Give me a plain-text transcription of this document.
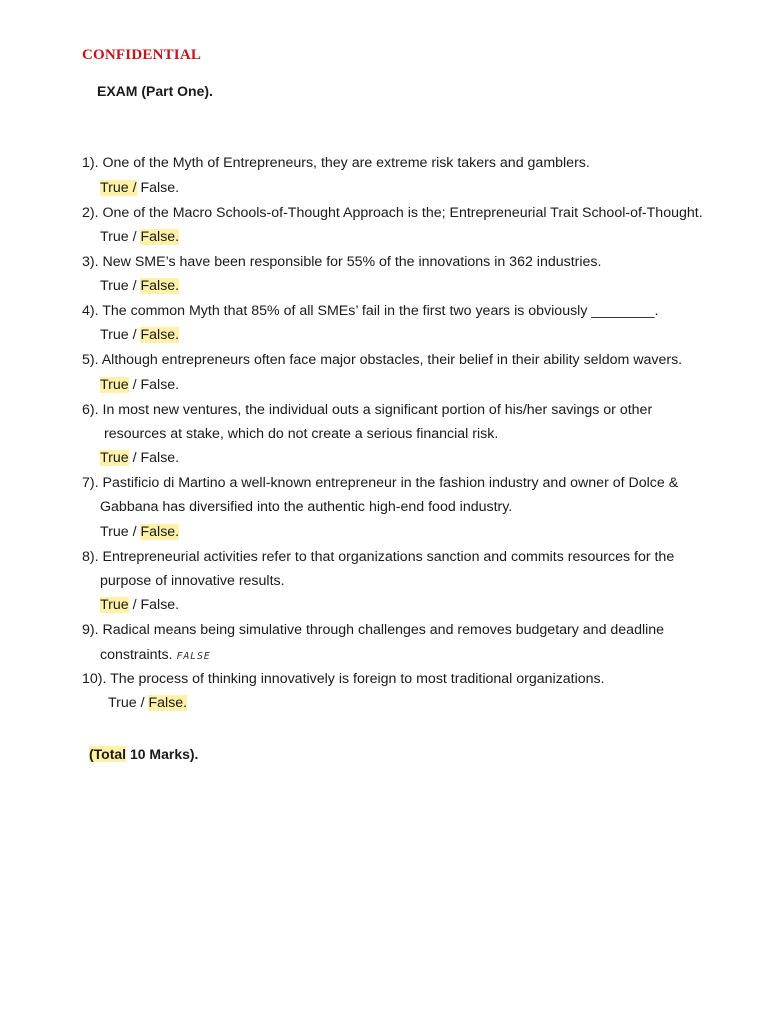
CONFIDENTIAL
EXAM (Part One).
1). One of the Myth of Entrepreneurs, they are extreme risk takers and gamblers.
True / False.
2). One of the Macro Schools-of-Thought Approach is the; Entrepreneurial Trait School-of-Thought.
True / False.
3). New SME’s have been responsible for 55% of the innovations in 362 industries.
True / False.
4). The common Myth that 85% of all SMEs’ fail in the first two years is obviously ________.
True / False.
5). Although entrepreneurs often face major obstacles, their belief in their ability seldom wavers.
True / False.
6). In most new ventures, the individual outs a significant portion of his/her savings or other
resources at stake, which do not create a serious financial risk.
True / False.
7). Pastificio di Martino a well-known entrepreneur in the fashion industry and owner of Dolce &
Gabbana has diversified into the authentic high-end food industry.
True / False.
8). Entrepreneurial activities refer to that organizations sanction and commits resources for the
purpose of innovative results.
True / False.
9). Radical means being simulative through challenges and removes budgetary and deadline
constraints. FALSE
10). The process of thinking innovatively is foreign to most traditional organizations.
True / False.
(Total 10 Marks).
